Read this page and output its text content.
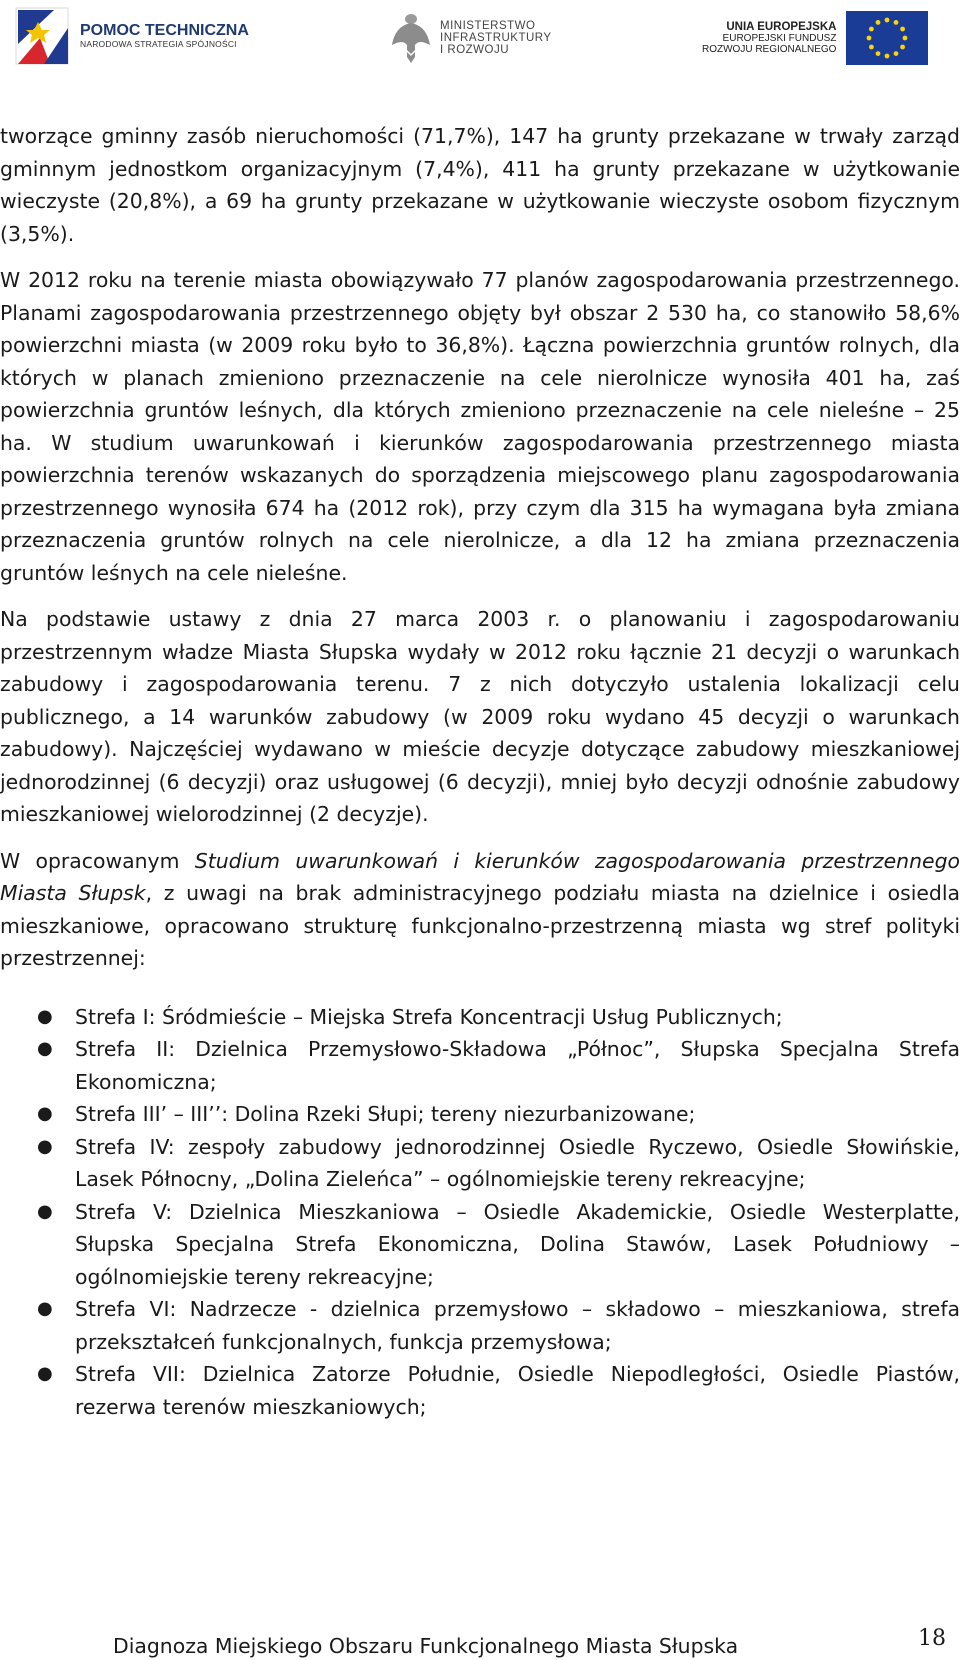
POMOC TECHNICZNA
NARODOWA STRATEGIA SPÓJNOŚCI
MINISTERSTWO
INFRASTRUKTURY
I ROZWOJU
UNIA EUROPEJSKA
EUROPEJSKI FUNDUSZ
ROZWOJU REGIONALNEGO

tworzące gminny zasób nieruchomości (71,7%), 147 ha grunty przekazane w trwały zarząd gminnym jednostkom organizacyjnym (7,4%), 411 ha grunty przekazane w użytkowanie wieczyste (20,8%), a 69 ha grunty przekazane w użytkowanie wieczyste osobom fizycznym (3,5%).

W 2012 roku na terenie miasta obowiązywało 77 planów zagospodarowania przestrzennego. Planami zagospodarowania przestrzennego objęty był obszar 2 530 ha, co stanowiło 58,6% powierzchni miasta (w 2009 roku było to 36,8%). Łączna powierzchnia gruntów rolnych, dla których w planach zmieniono przeznaczenie na cele nierolnicze wynosiła 401 ha, zaś powierzchnia gruntów leśnych, dla których zmieniono przeznaczenie na cele nieleśne – 25 ha. W studium uwarunkowań i kierunków zagospodarowania przestrzennego miasta powierzchnia terenów wskazanych do sporządzenia miejscowego planu zagospodarowania przestrzennego wynosiła 674 ha (2012 rok), przy czym dla 315 ha wymagana była zmiana przeznaczenia gruntów rolnych na cele nierolnicze, a dla 12 ha zmiana przeznaczenia gruntów leśnych na cele nieleśne.

Na podstawie ustawy z dnia 27 marca 2003 r. o planowaniu i zagospodarowaniu przestrzennym władze Miasta Słupska wydały w 2012 roku łącznie 21 decyzji o warunkach zabudowy i zagospodarowania terenu. 7 z nich dotyczyło ustalenia lokalizacji celu publicznego, a 14 warunków zabudowy (w 2009 roku wydano 45 decyzji o warunkach zabudowy). Najczęściej wydawano w mieście decyzje dotyczące zabudowy mieszkaniowej jednorodzinnej (6 decyzji) oraz usługowej (6 decyzji), mniej było decyzji odnośnie zabudowy mieszkaniowej wielorodzinnej (2 decyzje).

W opracowanym Studium uwarunkowań i kierunków zagospodarowania przestrzennego Miasta Słupsk, z uwagi na brak administracyjnego podziału miasta na dzielnice i osiedla mieszkaniowe, opracowano strukturę funkcjonalno-przestrzenną miasta wg stref polityki przestrzennej:

● Strefa I: Śródmieście – Miejska Strefa Koncentracji Usług Publicznych;
● Strefa II: Dzielnica Przemysłowo-Składowa „Północ”, Słupska Specjalna Strefa Ekonomiczna;
● Strefa III’ – III’’: Dolina Rzeki Słupi; tereny niezurbanizowane;
● Strefa IV: zespoły zabudowy jednorodzinnej Osiedle Ryczewo, Osiedle Słowińskie, Lasek Północny, „Dolina Zieleńca” – ogólnomiejskie tereny rekreacyjne;
● Strefa V: Dzielnica Mieszkaniowa – Osiedle Akademickie, Osiedle Westerplatte, Słupska Specjalna Strefa Ekonomiczna, Dolina Stawów, Lasek Południowy – ogólnomiejskie tereny rekreacyjne;
● Strefa VI: Nadrzecze - dzielnica przemysłowo – składowo – mieszkaniowa, strefa przekształceń funkcjonalnych, funkcja przemysłowa;
● Strefa VII: Dzielnica Zatorze Południe, Osiedle Niepodległości, Osiedle Piastów, rezerwa terenów mieszkaniowych;
Diagnoza Miejskiego Obszaru Funkcjonalnego Miasta Słupska	18
